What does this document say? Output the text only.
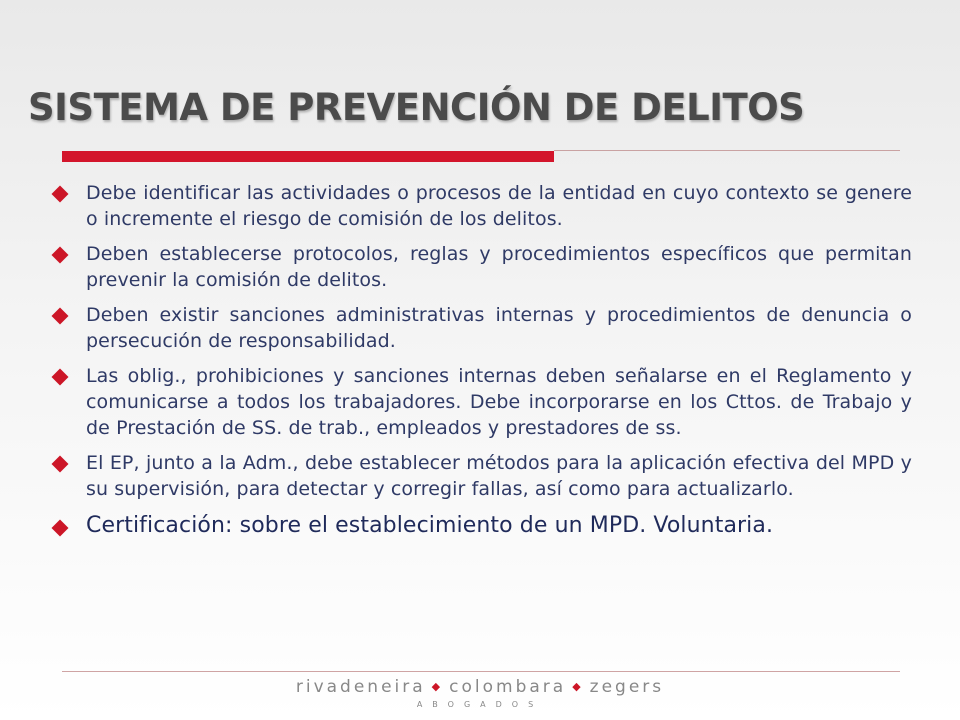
SISTEMA DE PREVENCIÓN DE DELITOS

Debe identificar las actividades o procesos de la entidad en cuyo contexto se genere o incremente el riesgo de comisión de los delitos.

Deben establecerse protocolos, reglas y procedimientos específicos que permitan prevenir la comisión de delitos.

Deben existir sanciones administrativas internas y procedimientos de denuncia o persecución de responsabilidad.

Las oblig., prohibiciones y sanciones internas deben señalarse en el Reglamento y comunicarse a todos los trabajadores. Debe incorporarse en los Cttos. de Trabajo y de Prestación de SS. de trab., empleados y prestadores de ss.

El EP, junto a la Adm., debe establecer métodos para la aplicación efectiva del MPD y su supervisión, para detectar y corregir fallas, así como para actualizarlo.

Certificación: sobre el establecimiento de un MPD. Voluntaria.

rivadeneira ◆ colombara ◆ zegers
ABOGADOS
